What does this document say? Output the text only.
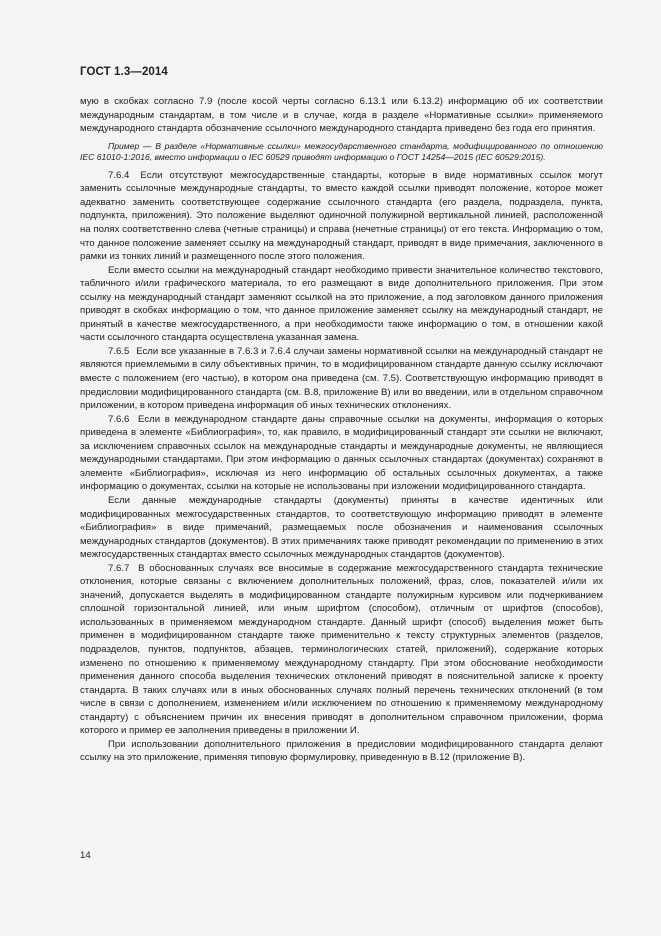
ГОСТ 1.3—2014

мую в скобках согласно 7.9 (после косой черты согласно 6.13.1 или 6.13.2) информацию об их соответствии международным стандартам, в том числе и в случае, когда в разделе «Нормативные ссылки» применяемого международного стандарта обозначение ссылочного международного стандарта приведено без года его принятия.

Пример — В разделе «Нормативные ссылки» межгосударственного стандарта, модифицированного по отношению IEC 61010-1:2016, вместо информации о IEC 60529 приводят информацию о ГОСТ 14254—2015 (IEC 60529:2015).

7.6.4 Если отсутствуют межгосударственные стандарты, которые в виде нормативных ссылок могут заменить ссылочные международные стандарты, то вместо каждой ссылки приводят положение, которое может адекватно заменить соответствующее содержание ссылочного стандарта (его раздела, подраздела, пункта, подпункта, приложения). Это положение выделяют одиночной полужирной вертикальной линией, расположенной на полях соответственно слева (четные страницы) и справа (нечетные страницы) от его текста. Информацию о том, что данное положение заменяет ссылку на международный стандарт, приводят в виде примечания, заключенного в рамки из тонких линий и размещенного после этого положения.

Если вместо ссылки на международный стандарт необходимо привести значительное количество текстового, табличного и/или графического материала, то его размещают в виде дополнительного приложения. При этом ссылку на международный стандарт заменяют ссылкой на это приложение, а под заголовком данного приложения приводят в скобках информацию о том, что данное приложение заменяет ссылку на международный стандарт, не принятый в качестве межгосударственного, а при необходимости также информацию о том, в отношении какой части ссылочного стандарта осуществлена указанная замена.

7.6.5 Если все указанные в 7.6.3 и 7.6.4 случаи замены нормативной ссылки на международный стандарт не являются приемлемыми в силу объективных причин, то в модифицированном стандарте данную ссылку исключают вместе с положением (его частью), в котором она приведена (см. 7.5). Соответствующую информацию приводят в предисловии модифицированного стандарта (см. В.8, приложение В) или во введении, или в отдельном справочном приложении, в котором приведена информация об иных технических отклонениях.

7.6.6 Если в международном стандарте даны справочные ссылки на документы, информация о которых приведена в элементе «Библиография», то, как правило, в модифицированный стандарт эти ссылки не включают, за исключением справочных ссылок на международные стандарты и международные документы, не являющиеся международными стандартами. При этом информацию о данных ссылочных стандартах (документах) сохраняют в элементе «Библиография», исключая из него информацию об остальных ссылочных документах, а также информацию о документах, ссылки на которые не использованы при изложении модифицированного стандарта.

Если данные международные стандарты (документы) приняты в качестве идентичных или модифицированных межгосударственных стандартов, то соответствующую информацию приводят в элементе «Библиография» в виде примечаний, размещаемых после обозначения и наименования ссылочных международных стандартов (документов). В этих примечаниях также приводят рекомендации по применению в этих межгосударственных стандартах вместо ссылочных международных стандартов (документов).

7.6.7 В обоснованных случаях все вносимые в содержание межгосударственного стандарта технические отклонения, которые связаны с включением дополнительных положений, фраз, слов, показателей и/или их значений, допускается выделять в модифицированном стандарте полужирным курсивом или подчеркиванием сплошной горизонтальной линией, или иным шрифтом (способом), отличным от шрифтов (способов), использованных в применяемом международном стандарте. Данный шрифт (способ) выделения может быть применен в модифицированном стандарте также применительно к тексту структурных элементов (разделов, подразделов, пунктов, подпунктов, абзацев, терминологических статей, приложений), содержание которых изменено по отношению к применяемому международному стандарту. При этом обоснование необходимости применения данного способа выделения технических отклонений приводят в пояснительной записке к проекту стандарта. В таких случаях или в иных обоснованных случаях полный перечень технических отклонений (в том числе в связи с дополнением, изменением и/или исключением по отношению к применяемому международному стандарту) с объяснением причин их внесения приводят в дополнительном справочном приложении, форма которого и пример ее заполнения приведены в приложении И.

При использовании дополнительного приложения в предисловии модифицированного стандарта делают ссылку на это приложение, применяя типовую формулировку, приведенную в В.12 (приложение В).

14
